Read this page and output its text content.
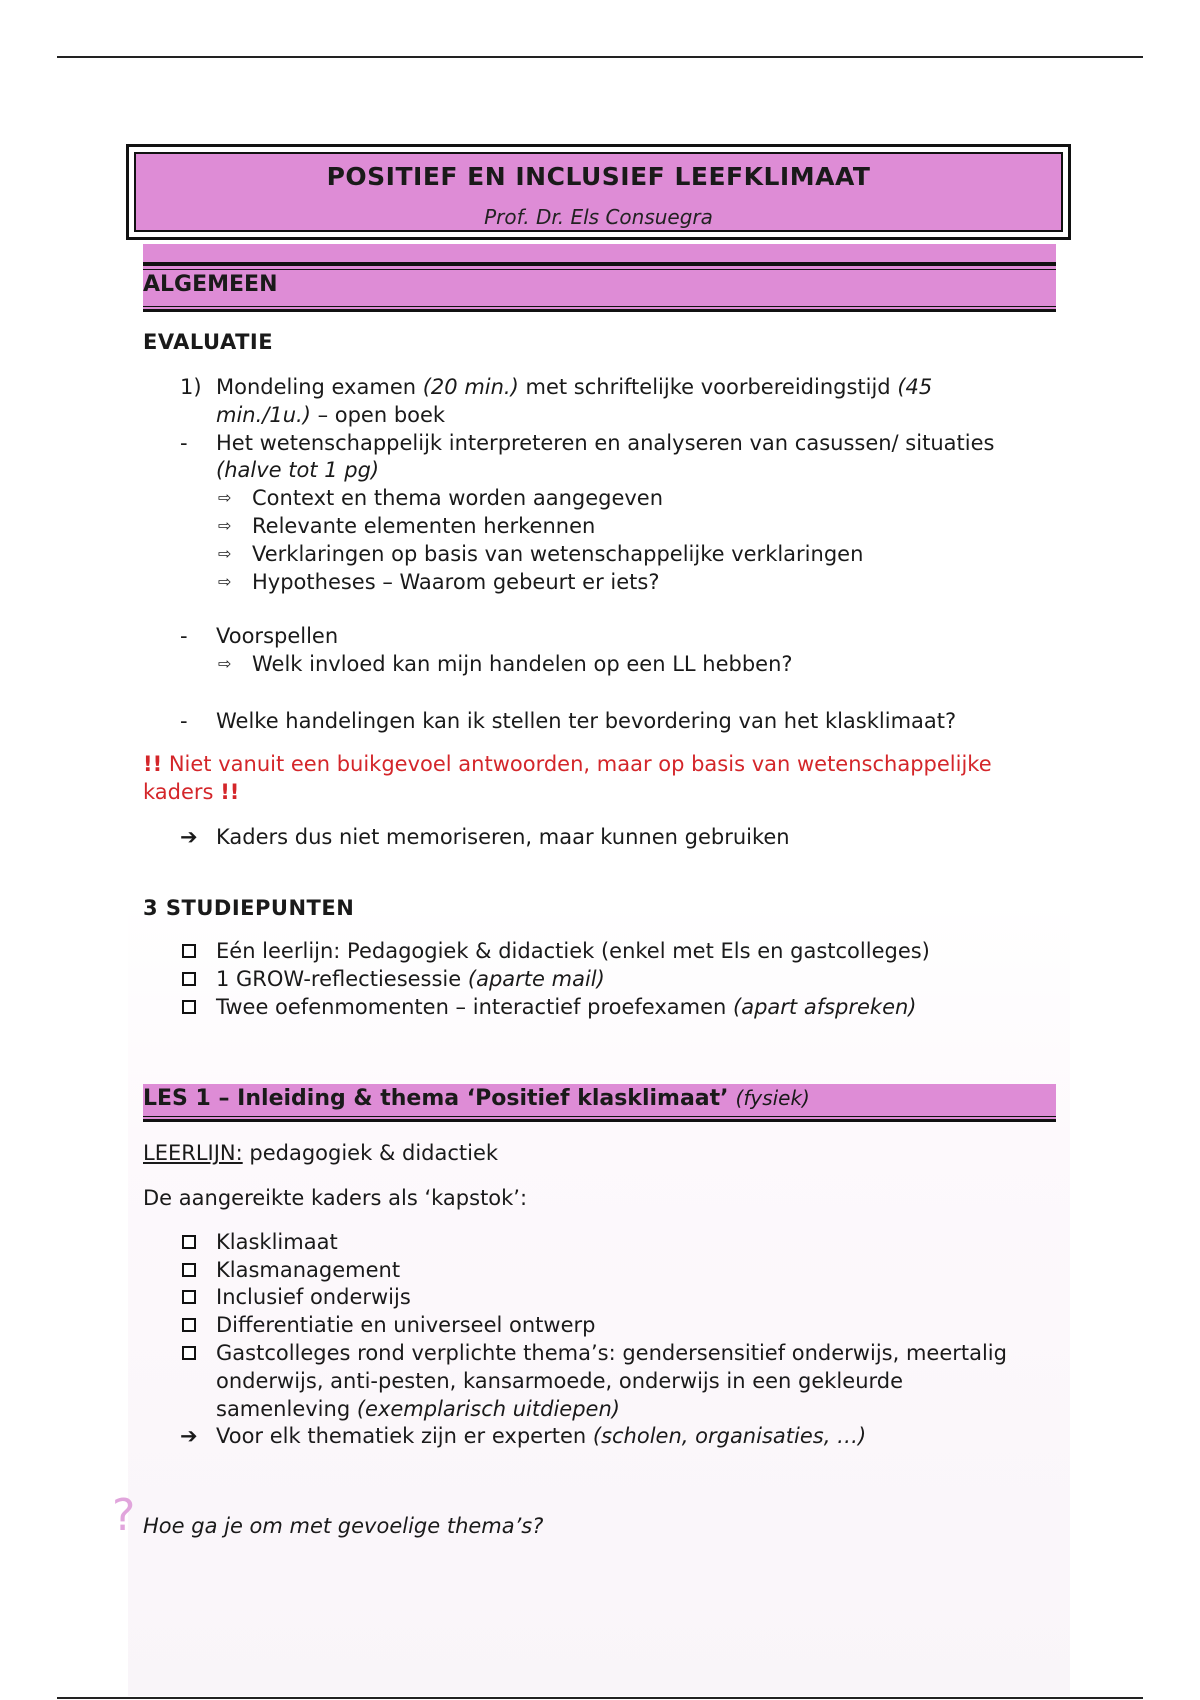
POSITIEF EN INCLUSIEF LEEFKLIMAAT
Prof. Dr. Els Consuegra
ALGEMEEN
EVALUATIE
1) Mondeling examen (20 min.) met schriftelijke voorbereidingstijd (45
min./1u.) – open boek
- Het wetenschappelijk interpreteren en analyseren van casussen/ situaties
(halve tot 1 pg)
⇨ Context en thema worden aangegeven
⇨ Relevante elementen herkennen
⇨ Verklaringen op basis van wetenschappelijke verklaringen
⇨ Hypotheses – Waarom gebeurt er iets?
- Voorspellen
⇨ Welk invloed kan mijn handelen op een LL hebben?
- Welke handelingen kan ik stellen ter bevordering van het klasklimaat?
!! Niet vanuit een buikgevoel antwoorden, maar op basis van wetenschappelijke
kaders !!
➔ Kaders dus niet memoriseren, maar kunnen gebruiken
3 STUDIEPUNTEN
Eén leerlijn: Pedagogiek & didactiek (enkel met Els en gastcolleges)
1 GROW-reflectiesessie (aparte mail)
Twee oefenmomenten – interactief proefexamen (apart afspreken)
LES 1 – Inleiding & thema ‘Positief klasklimaat’ (fysiek)
LEERLIJN: pedagogiek & didactiek
De aangereikte kaders als ‘kapstok’:
Klasklimaat
Klasmanagement
Inclusief onderwijs
Differentiatie en universeel ontwerp
Gastcolleges rond verplichte thema’s: gendersensitief onderwijs, meertalig
onderwijs, anti-pesten, kansarmoede, onderwijs in een gekleurde
samenleving (exemplarisch uitdiepen)
➔ Voor elk thematiek zijn er experten (scholen, organisaties, …)
? Hoe ga je om met gevoelige thema’s?
